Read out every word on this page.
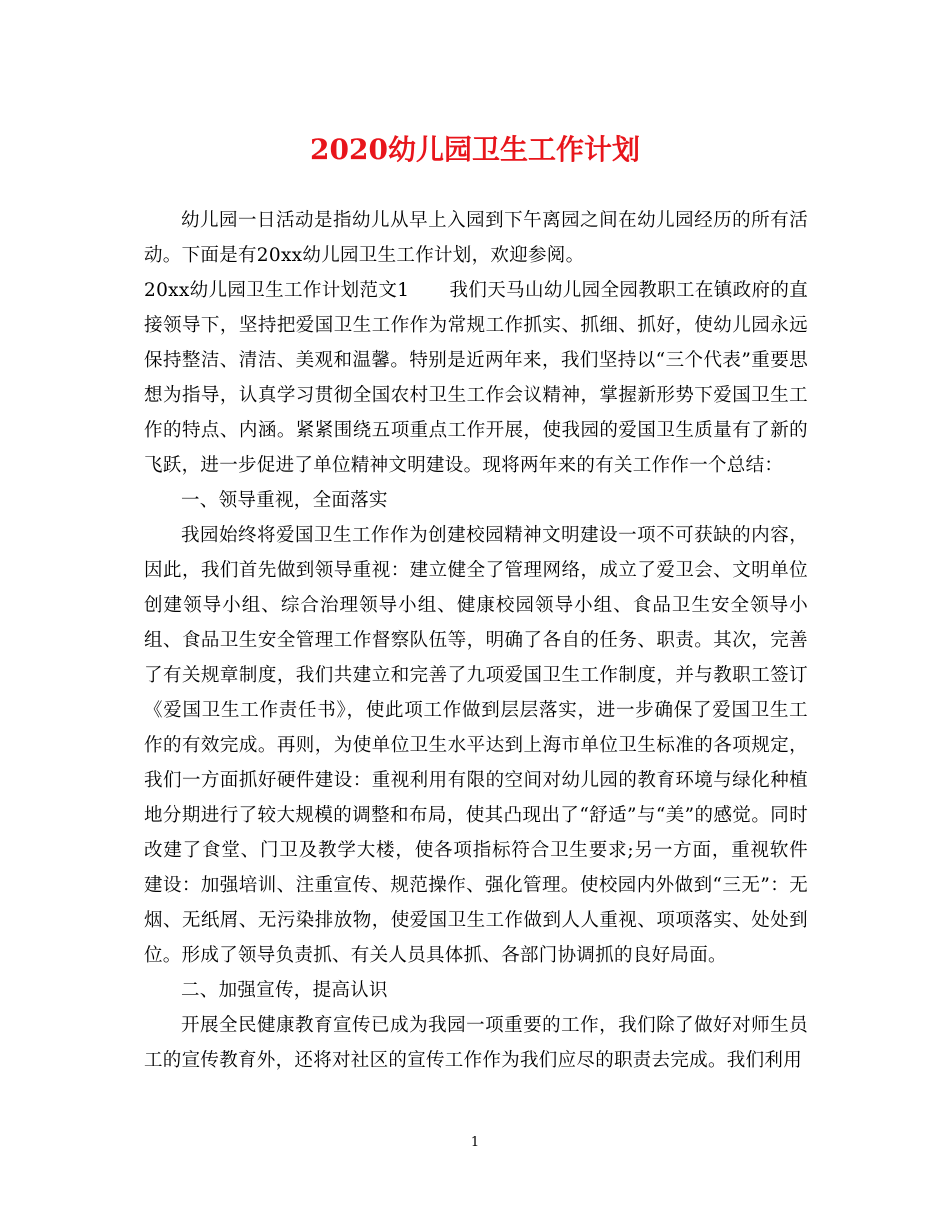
2020幼儿园卫生工作计划

幼儿园一日活动是指幼儿从早上入园到下午离园之间在幼儿园经历的所有活动。下面是有20xx幼儿园卫生工作计划，欢迎参阅。

20xx幼儿园卫生工作计划范文1 我们天马山幼儿园全园教职工在镇政府的直接领导下，坚持把爱国卫生工作作为常规工作抓实、抓细、抓好，使幼儿园永远保持整洁、清洁、美观和温馨。特别是近两年来，我们坚持以“三个代表”重要思想为指导，认真学习贯彻全国农村卫生工作会议精神，掌握新形势下爱国卫生工作的特点、内涵。紧紧围绕五项重点工作开展，使我园的爱国卫生质量有了新的飞跃，进一步促进了单位精神文明建设。现将两年来的有关工作作一个总结：

一、领导重视，全面落实

我园始终将爱国卫生工作作为创建校园精神文明建设一项不可获缺的内容，因此，我们首先做到领导重视：建立健全了管理网络，成立了爱卫会、文明单位创建领导小组、综合治理领导小组、健康校园领导小组、食品卫生安全领导小组、食品卫生安全管理工作督察队伍等，明确了各自的任务、职责。其次，完善了有关规章制度，我们共建立和完善了九项爱国卫生工作制度，并与教职工签订《爱国卫生工作责任书》，使此项工作做到层层落实，进一步确保了爱国卫生工作的有效完成。再则，为使单位卫生水平达到上海市单位卫生标准的各项规定，我们一方面抓好硬件建设：重视利用有限的空间对幼儿园的教育环境与绿化种植地分期进行了较大规模的调整和布局，使其凸现出了“舒适”与“美”的感觉。同时改建了食堂、门卫及教学大楼，使各项指标符合卫生要求;另一方面，重视软件建设：加强培训、注重宣传、规范操作、强化管理。使校园内外做到“三无”：无烟、无纸屑、无污染排放物，使爱国卫生工作做到人人重视、项项落实、处处到位。形成了领导负责抓、有关人员具体抓、各部门协调抓的良好局面。

二、加强宣传，提高认识

开展全民健康教育宣传已成为我园一项重要的工作，我们除了做好对师生员工的宣传教育外，还将对社区的宣传工作作为我们应尽的职责去完成。我们利用

1
